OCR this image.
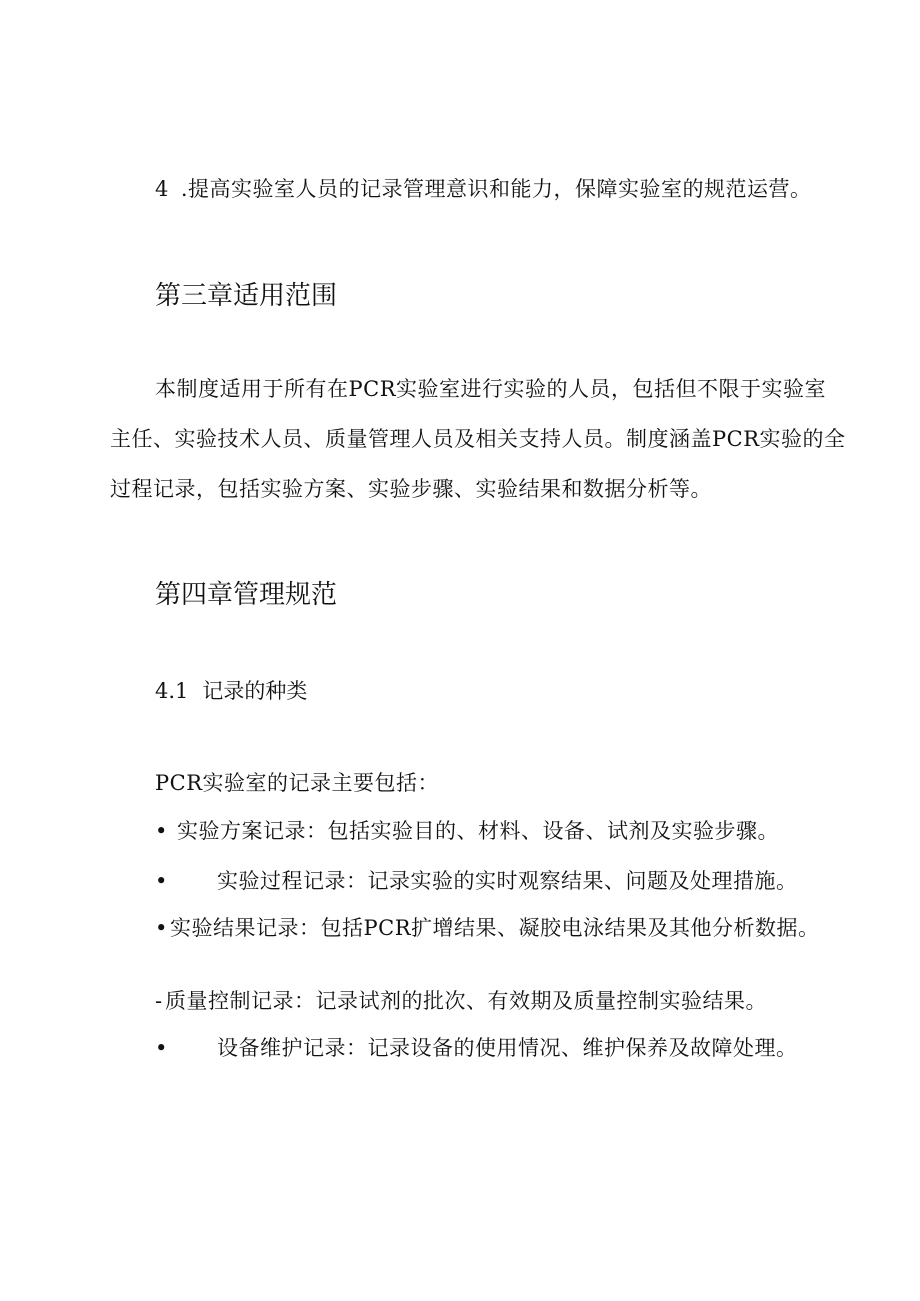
4 .提高实验室人员的记录管理意识和能力，保障实验室的规范运营。

第三章适用范围

本制度适用于所有在PCR实验室进行实验的人员，包括但不限于实验室

主任、实验技术人员、质量管理人员及相关支持人员。制度涵盖PCR实验的全

过程记录，包括实验方案、实验步骤、实验结果和数据分析等。

第四章管理规范

4.1 记录的种类

PCR实验室的记录主要包括：

• 实验方案记录：包括实验目的、材料、设备、试剂及实验步骤。

• 实验过程记录：记录实验的实时观察结果、问题及处理措施。

• 实验结果记录：包括PCR扩增结果、凝胶电泳结果及其他分析数据。

- 质量控制记录：记录试剂的批次、有效期及质量控制实验结果。

• 设备维护记录：记录设备的使用情况、维护保养及故障处理。
